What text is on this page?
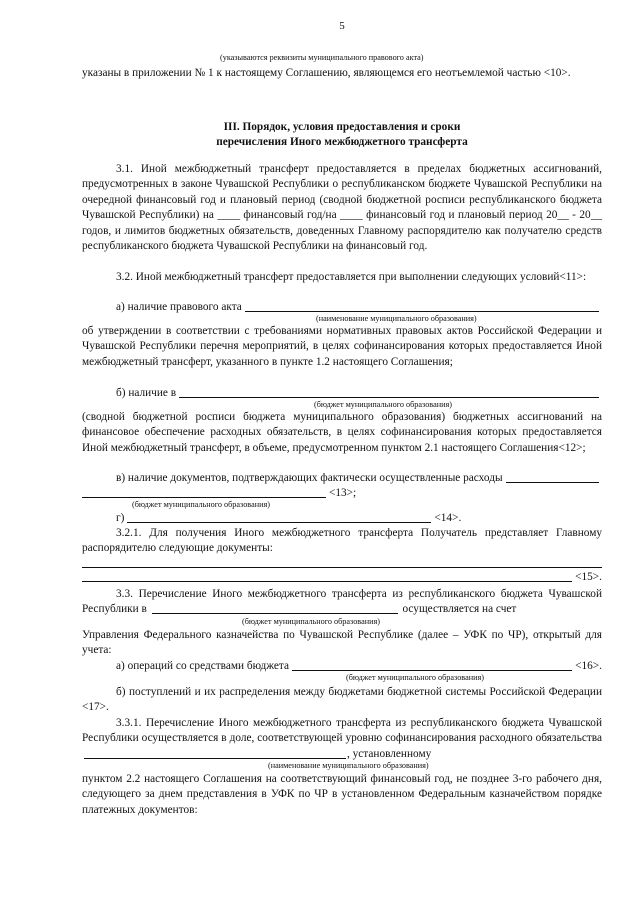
5
(указываются реквизиты муниципального правового акта)

указаны в приложении № 1 к настоящему Соглашению, являющемся его неотъемлемой частью <10>.

III. Порядок, условия предоставления и сроки
перечисления Иного межбюджетного трансферта

3.1. Иной межбюджетный трансферт предоставляется в пределах бюджетных ассигнований, предусмотренных в законе Чувашской Республики о республиканском бюджете Чувашской Республики на очередной финансовый год и плановый период (сводной бюджетной росписи республиканского бюджета Чувашской Республики) на ____ финансовый год/на ____ финансовый год и плановый период 20__ - 20__ годов, и лимитов бюджетных обязательств, доведенных Главному распорядителю как получателю средств республиканского бюджета Чувашской Республики на финансовый год.

3.2. Иной межбюджетный трансферт предоставляется при выполнении следующих условий<11>:

а) наличие правового акта
(наименование муниципального образования)

об утверждении в соответствии с требованиями нормативных правовых актов Российской Федерации и Чувашской Республики перечня мероприятий, в целях софинансирования которых предоставляется Иной межбюджетный трансферт, указанного в пункте 1.2 настоящего Соглашения;

б) наличие в
(бюджет муниципального образования)

(сводной бюджетной росписи бюджета муниципального образования) бюджетных ассигнований на финансовое обеспечение расходных обязательств, в целях софинансирования которых предоставляется Иной межбюджетный трансферт, в объеме, предусмотренном пунктом 2.1 настоящего Соглашения<12>;

в) наличие документов, подтверждающих фактически осуществленные расходы
<13>;
(бюджет муниципального образования)
г)	<14>.

3.2.1. Для получения Иного межбюджетного трансферта Получатель представляет Главному распорядителю следующие документы:

<15>.

3.3. Перечисление Иного межбюджетного трансферта из республиканского бюджета Чувашской Республики в	осуществляется на счет

(бюджет муниципального образования)

Управления Федерального казначейства по Чувашской Республике (далее – УФК по ЧР), открытый для учета:

а) операций со средствами бюджета	<16>.
(бюджет муниципального образования)

б) поступлений и их распределения между бюджетами бюджетной системы Российской Федерации <17>.

3.3.1. Перечисление Иного межбюджетного трансферта из республиканского бюджета Чувашской Республики осуществляется в доле, соответствующей уровню софинансирования расходного обязательства , установленному

(наименование муниципального образования)

пунктом 2.2 настоящего Соглашения на соответствующий финансовый год, не позднее 3-го рабочего дня, следующего за днем представления в УФК по ЧР в установленном Федеральным казначейством порядке платежных документов:
